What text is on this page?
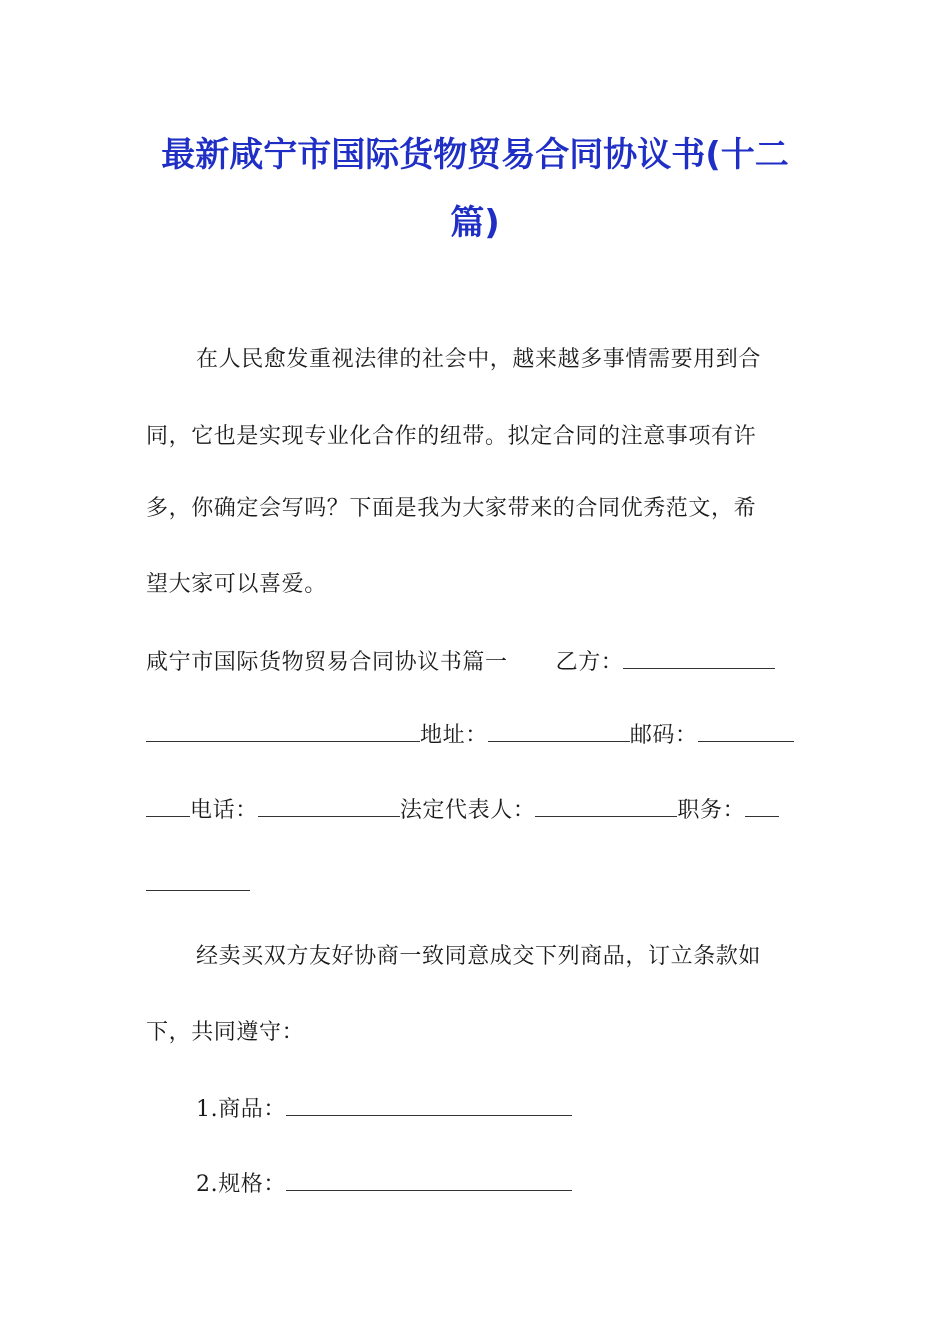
最新咸宁市国际货物贸易合同协议书(十二
篇)
在人民愈发重视法律的社会中，越来越多事情需要用到合
同，它也是实现专业化合作的纽带。拟定合同的注意事项有许
多，你确定会写吗？下面是我为大家带来的合同优秀范文，希
望大家可以喜爱。
咸宁市国际货物贸易合同协议书篇一 乙方：
地址：	邮码：
电话：	法定代表人：	职务：
经卖买双方友好协商一致同意成交下列商品，订立条款如
下，共同遵守：
1.商品：
2.规格：
